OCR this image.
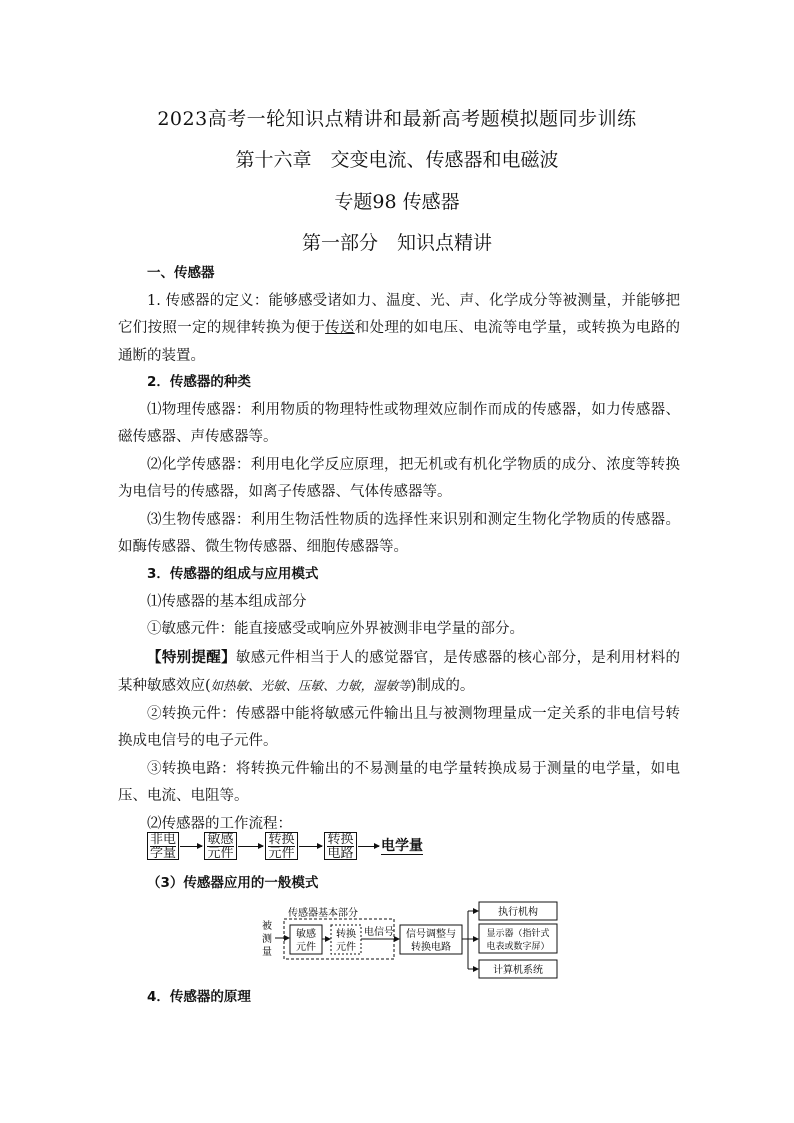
2023高考一轮知识点精讲和最新高考题模拟题同步训练
第十六章　交变电流、传感器和电磁波
专题98 传感器
第一部分　知识点精讲

一、传感器

1. 传感器的定义：能够感受诸如力、温度、光、声、化学成分等被测量，并能够把它们按照一定的规律转换为便于传送和处理的如电压、电流等电学量，或转换为电路的通断的装置。

2．传感器的种类

⑴物理传感器：利用物质的物理特性或物理效应制作而成的传感器，如力传感器、磁传感器、声传感器等。

⑵化学传感器：利用电化学反应原理，把无机或有机化学物质的成分、浓度等转换为电信号的传感器，如离子传感器、气体传感器等。

⑶生物传感器：利用生物活性物质的选择性来识别和测定生物化学物质的传感器。如酶传感器、微生物传感器、细胞传感器等。

3．传感器的组成与应用模式

⑴传感器的基本组成部分

①敏感元件：能直接感受或响应外界被测非电学量的部分。

【特别提醒】敏感元件相当于人的感觉器官，是传感器的核心部分，是利用材料的某种敏感效应(如热敏、光敏、压敏、力敏，湿敏等)制成的。

②转换元件：传感器中能将敏感元件输出且与被测物理量成一定关系的非电信号转换成电信号的电子元件。

③转换电路：将转换元件输出的不易测量的电学量转换成易于测量的电学量，如电压、电流、电阻等。

⑵传感器的工作流程：

非电
学量
敏感
元件
转换
元件
转换
电路 电学量

（3）传感器应用的一般模式

被
测
量
传感器基本部分
敏感
元件
转换
元件
电信号 信号调整与
转换电路
执行机构
显示器（指针式
电表或数字屏）
计算机系统

4．传感器的原理
